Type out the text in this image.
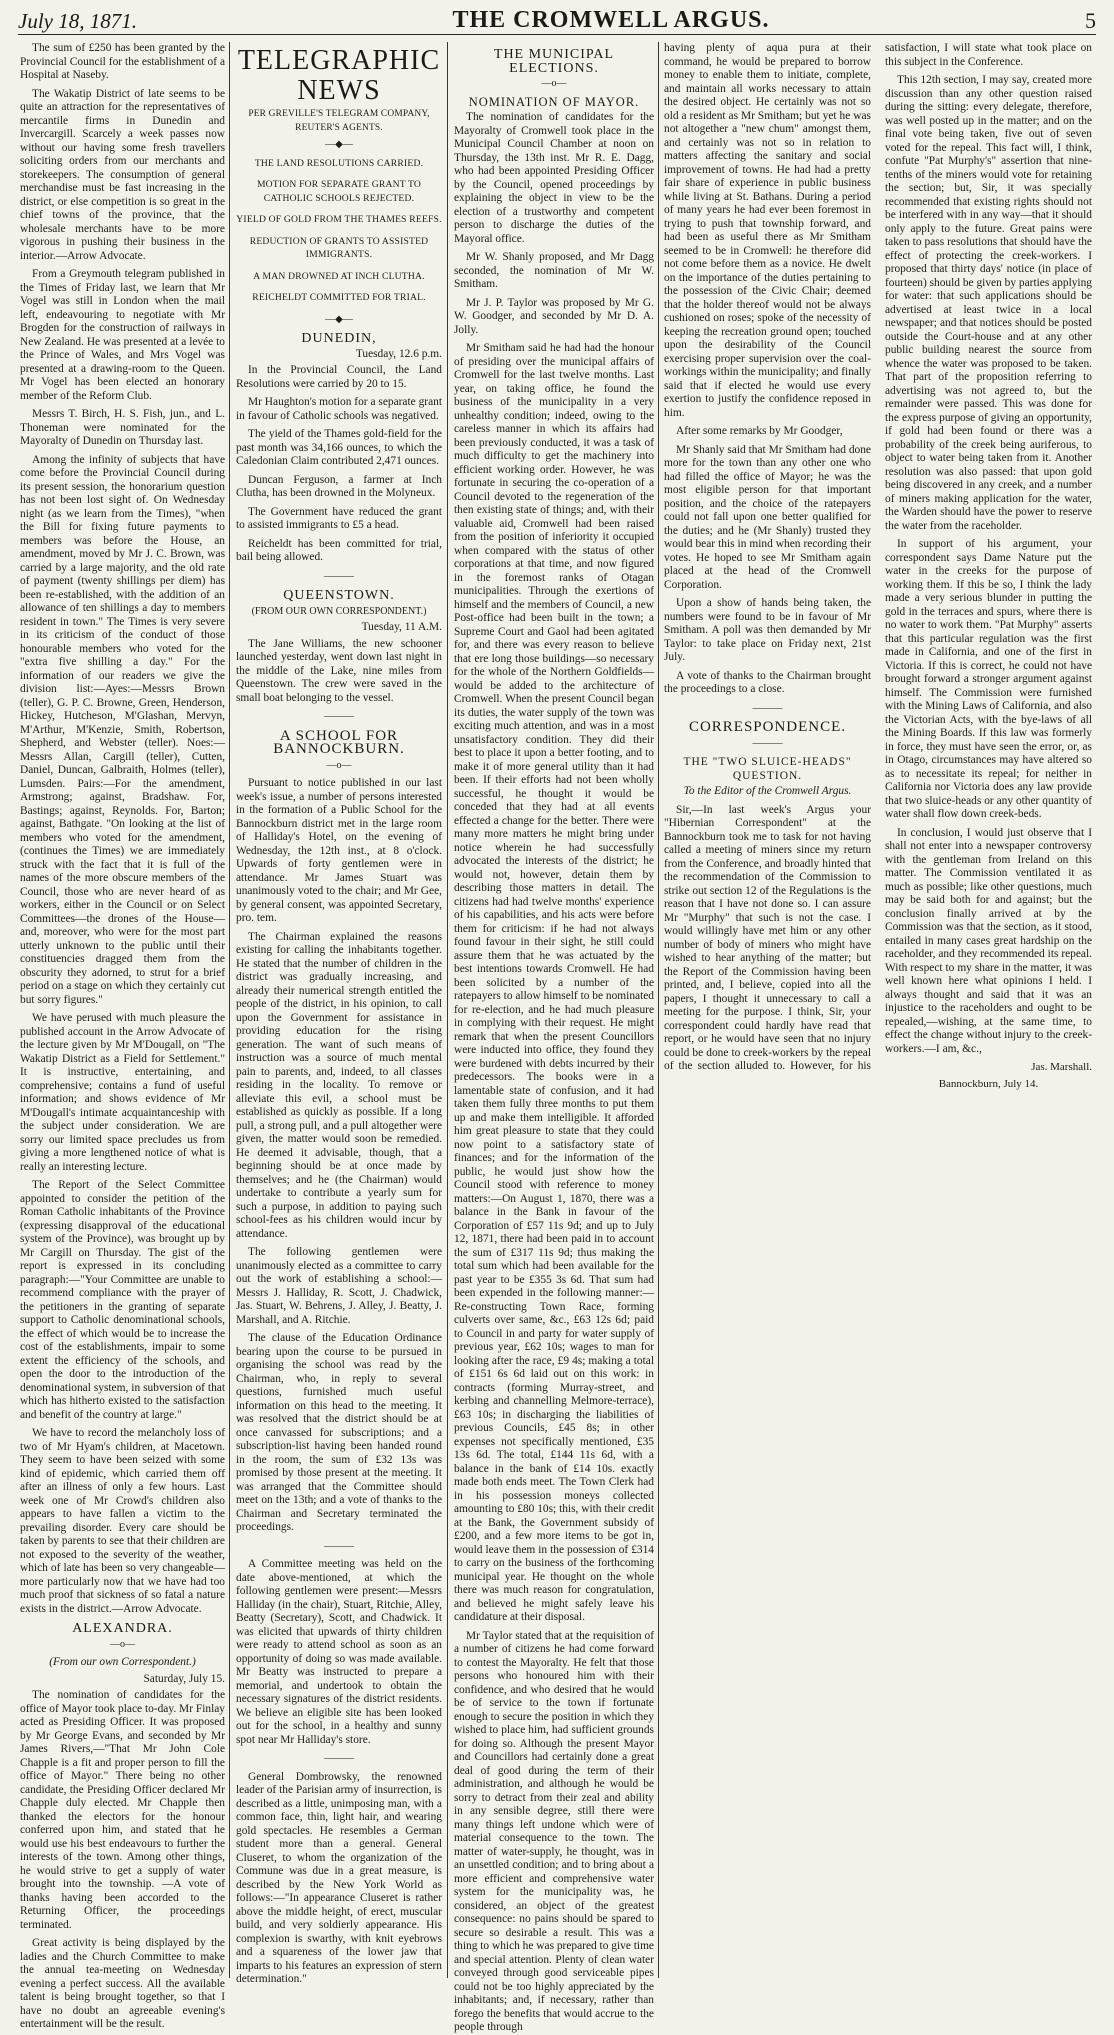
July 18, 1871.	THE CROMWELL ARGUS.	5

The sum of £250 has been granted by the Provincial Council for the establishment of a Hospital at Naseby.

The Wakatip District of late seems to be quite an attraction for the representatives of mercantile firms in Dunedin and Invercargill. Scarcely a week passes now without our having some fresh travellers soliciting orders from our merchants and storekeepers. The consumption of general merchandise must be fast increasing in the district, or else competition is so great in the chief towns of the province, that the wholesale merchants have to be more vigorous in pushing their business in the interior.—Arrow Advocate.

From a Greymouth telegram published in the Times of Friday last, we learn that Mr Vogel was still in London when the mail left, endeavouring to negotiate with Mr Brogden for the construction of railways in New Zealand. He was presented at a levée to the Prince of Wales, and Mrs Vogel was presented at a drawing-room to the Queen. Mr Vogel has been elected an honorary member of the Reform Club.

Messrs T. Birch, H. S. Fish, jun., and L. Thoneman were nominated for the Mayoralty of Dunedin on Thursday last.

Among the infinity of subjects that have come before the Provincial Council during its present session, the honorarium question has not been lost sight of. On Wednesday night (as we learn from the Times), "when the Bill for fixing future payments to members was before the House, an amendment, moved by Mr J. C. Brown, was carried by a large majority, and the old rate of payment (twenty shillings per diem) has been re-established, with the addition of an allowance of ten shillings a day to members resident in town." The Times is very severe in its criticism of the conduct of those honourable members who voted for the "extra five shilling a day." For the information of our readers we give the division list:—Ayes:—Messrs Brown (teller), G. P. C. Browne, Green, Henderson, Hickey, Hutcheson, M'Glashan, Mervyn, M'Arthur, M'Kenzie, Smith, Robertson, Shepherd, and Webster (teller). Noes:—Messrs Allan, Cargill (teller), Cutten, Daniel, Duncan, Galbraith, Holmes (teller), Lumsden. Pairs:—For the amendment, Armstrong; against, Bradshaw. For, Bastings; against, Reynolds. For, Barton; against, Bathgate. "On looking at the list of members who voted for the amendment, (continues the Times) we are immediately struck with the fact that it is full of the names of the more obscure members of the Council, those who are never heard of as workers, either in the Council or on Select Committees—the drones of the House—and, moreover, who were for the most part utterly unknown to the public until their constituencies dragged them from the obscurity they adorned, to strut for a brief period on a stage on which they certainly cut but sorry figures."

We have perused with much pleasure the published account in the Arrow Advocate of the lecture given by Mr M'Dougall, on "The Wakatip District as a Field for Settlement." It is instructive, entertaining, and comprehensive; contains a fund of useful information; and shows evidence of Mr M'Dougall's intimate acquaintanceship with the subject under consideration. We are sorry our limited space precludes us from giving a more lengthened notice of what is really an interesting lecture.

The Report of the Select Committee appointed to consider the petition of the Roman Catholic inhabitants of the Province (expressing disapproval of the educational system of the Province), was brought up by Mr Cargill on Thursday. The gist of the report is expressed in its concluding paragraph:—"Your Committee are unable to recommend compliance with the prayer of the petitioners in the granting of separate support to Catholic denominational schools, the effect of which would be to increase the cost of the establishments, impair to some extent the efficiency of the schools, and open the door to the introduction of the denominational system, in subversion of that which has hitherto existed to the satisfaction and benefit of the country at large."

We have to record the melancholy loss of two of Mr Hyam's children, at Macetown. They seem to have been seized with some kind of epidemic, which carried them off after an illness of only a few hours. Last week one of Mr Crowd's children also appears to have fallen a victim to the prevailing disorder. Every care should be taken by parents to see that their children are not exposed to the severity of the weather, which of late has been so very changeable—more particularly now that we have had too much proof that sickness of so fatal a nature exists in the district.—Arrow Advocate.

ALEXANDRA.
—o—
(From our own Correspondent.)
Saturday, July 15.

The nomination of candidates for the office of Mayor took place to-day. Mr Finlay acted as Presiding Officer. It was proposed by Mr George Evans, and seconded by Mr James Rivers,—"That Mr John Cole Chapple is a fit and proper person to fill the office of Mayor." There being no other candidate, the Presiding Officer declared Mr Chapple duly elected. Mr Chapple then thanked the electors for the honour conferred upon him, and stated that he would use his best endeavours to further the interests of the town. Among other things, he would strive to get a supply of water brought into the township. —A vote of thanks having been accorded to the Returning Officer, the proceedings terminated.

Great activity is being displayed by the ladies and the Church Committee to make the annual tea-meeting on Wednesday evening a perfect success. All the available talent is being brought together, so that I have no doubt an agreeable evening's entertainment will be the result.

TELEGRAPHIC NEWS
PER GREVILLE'S TELEGRAM COMPANY, REUTER'S AGENTS.
—◆—

THE LAND RESOLUTIONS CARRIED.

MOTION FOR SEPARATE GRANT TO CATHOLIC SCHOOLS REJECTED.

YIELD OF GOLD FROM THE THAMES REEFS.

REDUCTION OF GRANTS TO ASSISTED IMMIGRANTS.

A MAN DROWNED AT INCH CLUTHA.

REICHELDT COMMITTED FOR TRIAL.

—◆—
DUNEDIN,
Tuesday, 12.6 p.m.

In the Provincial Council, the Land Resolutions were carried by 20 to 15.

Mr Haughton's motion for a separate grant in favour of Catholic schools was negatived.

The yield of the Thames gold-field for the past month was 34,166 ounces, to which the Caledonian Claim contributed 2,471 ounces.

Duncan Ferguson, a farmer at Inch Clutha, has been drowned in the Molyneux.

The Government have reduced the grant to assisted immigrants to £5 a head.

Reicheldt has been committed for trial, bail being allowed.

———
QUEENSTOWN.
(FROM OUR OWN CORRESPONDENT.)
Tuesday, 11 A.M.

The Jane Williams, the new schooner launched yesterday, went down last night in the middle of the Lake, nine miles from Queenstown. The crew were saved in the small boat belonging to the vessel.

———
A SCHOOL FOR BANNOCKBURN.
—o—

Pursuant to notice published in our last week's issue, a number of persons interested in the formation of a Public School for the Bannockburn district met in the large room of Halliday's Hotel, on the evening of Wednesday, the 12th inst., at 8 o'clock. Upwards of forty gentlemen were in attendance. Mr James Stuart was unanimously voted to the chair; and Mr Gee, by general consent, was appointed Secretary, pro. tem.

The Chairman explained the reasons existing for calling the inhabitants together. He stated that the number of children in the district was gradually increasing, and already their numerical strength entitled the people of the district, in his opinion, to call upon the Government for assistance in providing education for the rising generation. The want of such means of instruction was a source of much mental pain to parents, and, indeed, to all classes residing in the locality. To remove or alleviate this evil, a school must be established as quickly as possible. If a long pull, a strong pull, and a pull altogether were given, the matter would soon be remedied. He deemed it advisable, though, that a beginning should be at once made by themselves; and he (the Chairman) would undertake to contribute a yearly sum for such a purpose, in addition to paying such school-fees as his children would incur by attendance.

The following gentlemen were unanimously elected as a committee to carry out the work of establishing a school:—Messrs J. Halliday, R. Scott, J. Chadwick, Jas. Stuart, W. Behrens, J. Alley, J. Beatty, J. Marshall, and A. Ritchie.

The clause of the Education Ordinance bearing upon the course to be pursued in organising the school was read by the Chairman, who, in reply to several questions, furnished much useful information on this head to the meeting. It was resolved that the district should be at once canvassed for subscriptions; and a subscription-list having been handed round in the room, the sum of £32 13s was promised by those present at the meeting. It was arranged that the Committee should meet on the 13th; and a vote of thanks to the Chairman and Secretary terminated the proceedings.

———

A Committee meeting was held on the date above-mentioned, at which the following gentlemen were present:—Messrs Halliday (in the chair), Stuart, Ritchie, Alley, Beatty (Secretary), Scott, and Chadwick. It was elicited that upwards of thirty children were ready to attend school as soon as an opportunity of doing so was made available. Mr Beatty was instructed to prepare a memorial, and undertook to obtain the necessary signatures of the district residents. We believe an eligible site has been looked out for the school, in a healthy and sunny spot near Mr Halliday's store.

———

General Dombrowsky, the renowned leader of the Parisian army of insurrection, is described as a little, unimposing man, with a common face, thin, light hair, and wearing gold spectacles. He resembles a German student more than a general. General Cluseret, to whom the organization of the Commune was due in a great measure, is described by the New York World as follows:—"In appearance Cluseret is rather above the middle height, of erect, muscular build, and very soldierly appearance. His complexion is swarthy, with knit eyebrows and a squareness of the lower jaw that imparts to his features an expression of stern determination."

THE MUNICIPAL ELECTIONS.
—o—
NOMINATION OF MAYOR.

The nomination of candidates for the Mayoralty of Cromwell took place in the Municipal Council Chamber at noon on Thursday, the 13th inst. Mr R. E. Dagg, who had been appointed Presiding Officer by the Council, opened proceedings by explaining the object in view to be the election of a trustworthy and competent person to discharge the duties of the Mayoral office.

Mr W. Shanly proposed, and Mr Dagg seconded, the nomination of Mr W. Smitham.

Mr J. P. Taylor was proposed by Mr G. W. Goodger, and seconded by Mr D. A. Jolly.

Mr Smitham said he had had the honour of presiding over the municipal affairs of Cromwell for the last twelve months. Last year, on taking office, he found the business of the municipality in a very unhealthy condition; indeed, owing to the careless manner in which its affairs had been previously conducted, it was a task of much difficulty to get the machinery into efficient working order. However, he was fortunate in securing the co-operation of a Council devoted to the regeneration of the then existing state of things; and, with their valuable aid, Cromwell had been raised from the position of inferiority it occupied when compared with the status of other corporations at that time, and now figured in the foremost ranks of Otagan municipalities. Through the exertions of himself and the members of Council, a new Post-office had been built in the town; a Supreme Court and Gaol had been agitated for, and there was every reason to believe that ere long those buildings—so necessary for the whole of the Northern Goldfields—would be added to the architecture of Cromwell. When the present Council began its duties, the water supply of the town was exciting much attention, and was in a most unsatisfactory condition. They did their best to place it upon a better footing, and to make it of more general utility than it had been. If their efforts had not been wholly successful, he thought it would be conceded that they had at all events effected a change for the better. There were many more matters he might bring under notice wherein he had successfully advocated the interests of the district; he would not, however, detain them by describing those matters in detail. The citizens had had twelve months' experience of his capabilities, and his acts were before them for criticism: if he had not always found favour in their sight, he still could assure them that he was actuated by the best intentions towards Cromwell. He had been solicited by a number of the ratepayers to allow himself to be nominated for re-election, and he had much pleasure in complying with their request. He might remark that when the present Councillors were inducted into office, they found they were burdened with debts incurred by their predecessors. The books were in a lamentable state of confusion, and it had taken them fully three months to put them up and make them intelligible. It afforded him great pleasure to state that they could now point to a satisfactory state of finances; and for the information of the public, he would just show how the Council stood with reference to money matters:—On August 1, 1870, there was a balance in the Bank in favour of the Corporation of £57 11s 9d; and up to July 12, 1871, there had been paid in to account the sum of £317 11s 9d; thus making the total sum which had been available for the past year to be £355 3s 6d. That sum had been expended in the following manner:—Re-constructing Town Race, forming culverts over same, &c., £63 12s 6d; paid to Council in and party for water supply of previous year, £62 10s; wages to man for looking after the race, £9 4s; making a total of £151 6s 6d laid out on this work: in contracts (forming Murray-street, and kerbing and channelling Melmore-terrace), £63 10s; in discharging the liabilities of previous Councils, £45 8s; in other expenses not specifically mentioned, £35 13s 6d. The total, £144 11s 6d, with a balance in the bank of £14 10s. exactly made both ends meet. The Town Clerk had in his possession moneys collected amounting to £80 10s; this, with their credit at the Bank, the Government subsidy of £200, and a few more items to be got in, would leave them in the possession of £314 to carry on the business of the forthcoming municipal year. He thought on the whole there was much reason for congratulation, and believed he might safely leave his candidature at their disposal.

Mr Taylor stated that at the requisition of a number of citizens he had come forward to contest the Mayoralty. He felt that those persons who honoured him with their confidence, and who desired that he would be of service to the town if fortunate enough to secure the position in which they wished to place him, had sufficient grounds for doing so. Although the present Mayor and Councillors had certainly done a great deal of good during the term of their administration, and although he would be sorry to detract from their zeal and ability in any sensible degree, still there were many things left undone which were of material consequence to the town. The matter of water-supply, he thought, was in an unsettled condition; and to bring about a more efficient and comprehensive water system for the municipality was, he considered, an object of the greatest consequence: no pains should be spared to secure so desirable a result. This was a thing to which he was prepared to give time and special attention. Plenty of clean water conveyed through good serviceable pipes could not be too highly appreciated by the inhabitants; and, if necessary, rather than forego the benefits that would accrue to the people through

having plenty of aqua pura at their command, he would be prepared to borrow money to enable them to initiate, complete, and maintain all works necessary to attain the desired object. He certainly was not so old a resident as Mr Smitham; but yet he was not altogether a "new chum" amongst them, and certainly was not so in relation to matters affecting the sanitary and social improvement of towns. He had had a pretty fair share of experience in public business while living at St. Bathans. During a period of many years he had ever been foremost in trying to push that township forward, and had been as useful there as Mr Smitham seemed to be in Cromwell: he therefore did not come before them as a novice. He dwelt on the importance of the duties pertaining to the possession of the Civic Chair; deemed that the holder thereof would not be always cushioned on roses; spoke of the necessity of keeping the recreation ground open; touched upon the desirability of the Council exercising proper supervision over the coal-workings within the municipality; and finally said that if elected he would use every exertion to justify the confidence reposed in him.

After some remarks by Mr Goodger,

Mr Shanly said that Mr Smitham had done more for the town than any other one who had filled the office of Mayor; he was the most eligible person for that important position, and the choice of the ratepayers could not fall upon one better qualified for the duties; and he (Mr Shanly) trusted they would bear this in mind when recording their votes. He hoped to see Mr Smitham again placed at the head of the Cromwell Corporation.

Upon a show of hands being taken, the numbers were found to be in favour of Mr Smitham. A poll was then demanded by Mr Taylor: to take place on Friday next, 21st July.

A vote of thanks to the Chairman brought the proceedings to a close.

———
CORRESPONDENCE.
———
THE "TWO SLUICE-HEADS" QUESTION.

To the Editor of the Cromwell Argus.

Sir,—In last week's Argus your "Hibernian Correspondent" at the Bannockburn took me to task for not having called a meeting of miners since my return from the Conference, and broadly hinted that the recommendation of the Commission to strike out section 12 of the Regulations is the reason that I have not done so. I can assure Mr "Murphy" that such is not the case. I would willingly have met him or any other number of body of miners who might have wished to hear anything of the matter; but the Report of the Commission having been printed, and, I believe, copied into all the papers, I thought it unnecessary to call a meeting for the purpose. I think, Sir, your correspondent could hardly have read that report, or he would have seen that no injury could be done to creek-workers by the repeal of the section alluded to. However, for his satisfaction, I will state what took place on this subject in the Conference.

This 12th section, I may say, created more discussion than any other question raised during the sitting: every delegate, therefore, was well posted up in the matter; and on the final vote being taken, five out of seven voted for the repeal. This fact will, I think, confute "Pat Murphy's" assertion that nine-tenths of the miners would vote for retaining the section; but, Sir, it was specially recommended that existing rights should not be interfered with in any way—that it should only apply to the future. Great pains were taken to pass resolutions that should have the effect of protecting the creek-workers. I proposed that thirty days' notice (in place of fourteen) should be given by parties applying for water: that such applications should be advertised at least twice in a local newspaper; and that notices should be posted outside the Court-house and at any other public building nearest the source from whence the water was proposed to be taken. That part of the proposition referring to advertising was not agreed to, but the remainder were passed. This was done for the express purpose of giving an opportunity, if gold had been found or there was a probability of the creek being auriferous, to object to water being taken from it. Another resolution was also passed: that upon gold being discovered in any creek, and a number of miners making application for the water, the Warden should have the power to reserve the water from the raceholder.

In support of his argument, your correspondent says Dame Nature put the water in the creeks for the purpose of working them. If this be so, I think the lady made a very serious blunder in putting the gold in the terraces and spurs, where there is no water to work them. "Pat Murphy" asserts that this particular regulation was the first made in California, and one of the first in Victoria. If this is correct, he could not have brought forward a stronger argument against himself. The Commission were furnished with the Mining Laws of California, and also the Victorian Acts, with the bye-laws of all the Mining Boards. If this law was formerly in force, they must have seen the error, or, as in Otago, circumstances may have altered so as to necessitate its repeal; for neither in California nor Victoria does any law provide that two sluice-heads or any other quantity of water shall flow down creek-beds.

In conclusion, I would just observe that I shall not enter into a newspaper controversy with the gentleman from Ireland on this matter. The Commission ventilated it as much as possible; like other questions, much may be said both for and against; but the conclusion finally arrived at by the Commission was that the section, as it stood, entailed in many cases great hardship on the raceholder, and they recommended its repeal. With respect to my share in the matter, it was well known here what opinions I held. I always thought and said that it was an injustice to the raceholders and ought to be repealed,—wishing, at the same time, to effect the change without injury to the creek-workers.—I am, &c.,

Jas. Marshall.
Bannockburn, July 14.
